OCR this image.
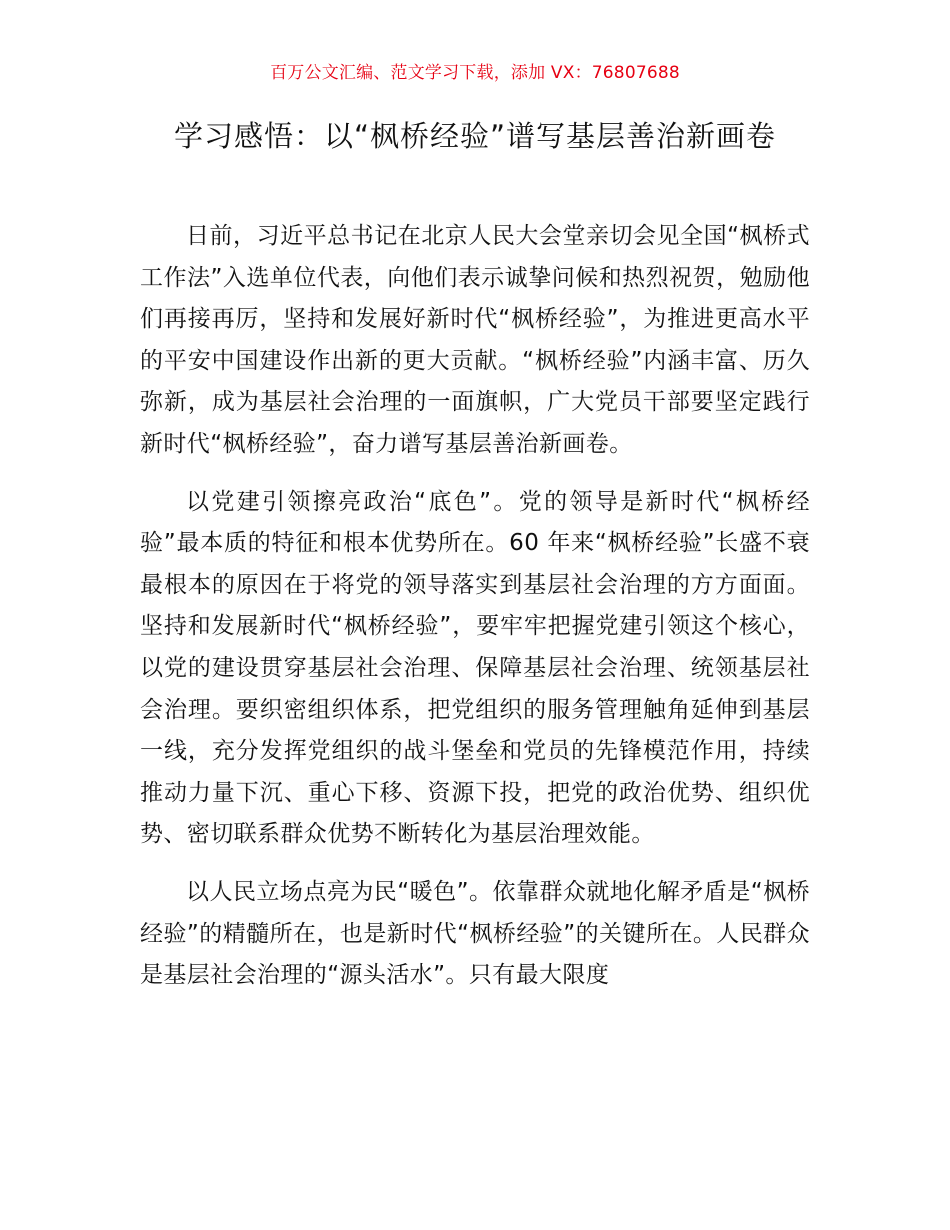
百万公文汇编、范文学习下载，添加 VX：76807688
学习感悟：以“枫桥经验”谱写基层善治新画卷

日前，习近平总书记在北京人民大会堂亲切会见全国“枫桥式工作法”入选单位代表，向他们表示诚挚问候和热烈祝贺，勉励他们再接再厉，坚持和发展好新时代“枫桥经验”，为推进更高水平的平安中国建设作出新的更大贡献。“枫桥经验”内涵丰富、历久弥新，成为基层社会治理的一面旗帜，广大党员干部要坚定践行新时代“枫桥经验”，奋力谱写基层善治新画卷。

以党建引领擦亮政治“底色”。党的领导是新时代“枫桥经验”最本质的特征和根本优势所在。60 年来“枫桥经验”长盛不衰最根本的原因在于将党的领导落实到基层社会治理的方方面面。坚持和发展新时代“枫桥经验”，要牢牢把握党建引领这个核心，以党的建设贯穿基层社会治理、保障基层社会治理、统领基层社会治理。要织密组织体系，把党组织的服务管理触角延伸到基层一线，充分发挥党组织的战斗堡垒和党员的先锋模范作用，持续推动力量下沉、重心下移、资源下投，把党的政治优势、组织优势、密切联系群众优势不断转化为基层治理效能。

以人民立场点亮为民“暖色”。依靠群众就地化解矛盾是“枫桥经验”的精髓所在，也是新时代“枫桥经验”的关键所在。人民群众是基层社会治理的“源头活水”。只有最大限度
